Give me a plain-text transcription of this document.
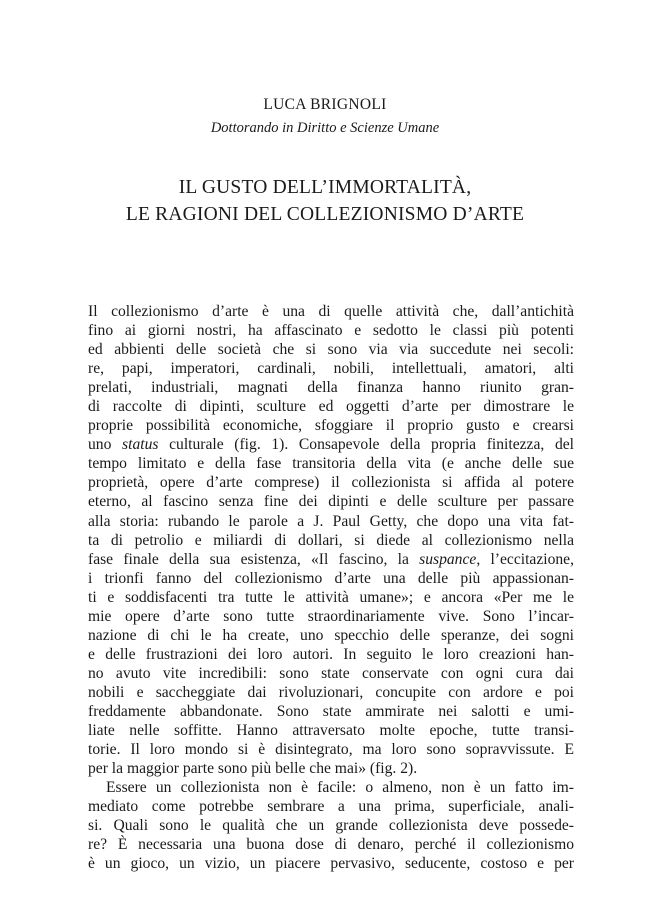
LUCA BRIGNOLI
Dottorando in Diritto e Scienze Umane
IL GUSTO DELL’IMMORTALITÀ,
LE RAGIONI DEL COLLEZIONISMO D’ARTE
Il collezionismo d’arte è una di quelle attività che, dall’antichità
fino ai giorni nostri, ha affascinato e sedotto le classi più potenti
ed abbienti delle società che si sono via via succedute nei secoli:
re, papi, imperatori, cardinali, nobili, intellettuali, amatori, alti
prelati, industriali, magnati della finanza hanno riunito gran-
di raccolte di dipinti, sculture ed oggetti d’arte per dimostrare le
proprie possibilità economiche, sfoggiare il proprio gusto e crearsi
uno status culturale (fig. 1). Consapevole della propria finitezza, del
tempo limitato e della fase transitoria della vita (e anche delle sue
proprietà, opere d’arte comprese) il collezionista si affida al potere
eterno, al fascino senza fine dei dipinti e delle sculture per passare
alla storia: rubando le parole a J. Paul Getty, che dopo una vita fat-
ta di petrolio e miliardi di dollari, si diede al collezionismo nella
fase finale della sua esistenza, «Il fascino, la suspance, l’eccitazione,
i trionfi fanno del collezionismo d’arte una delle più appassionan-
ti e soddisfacenti tra tutte le attività umane»; e ancora «Per me le
mie opere d’arte sono tutte straordinariamente vive. Sono l’incar-
nazione di chi le ha create, uno specchio delle speranze, dei sogni
e delle frustrazioni dei loro autori. In seguito le loro creazioni han-
no avuto vite incredibili: sono state conservate con ogni cura dai
nobili e saccheggiate dai rivoluzionari, concupite con ardore e poi
freddamente abbandonate. Sono state ammirate nei salotti e umi-
liate nelle soffitte. Hanno attraversato molte epoche, tutte transi-
torie. Il loro mondo si è disintegrato, ma loro sono sopravvissute. E
per la maggior parte sono più belle che mai» (fig. 2).
Essere un collezionista non è facile: o almeno, non è un fatto im-
mediato come potrebbe sembrare a una prima, superficiale, anali-
si. Quali sono le qualità che un grande collezionista deve possede-
re? È necessaria una buona dose di denaro, perché il collezionismo
è un gioco, un vizio, un piacere pervasivo, seducente, costoso e per
